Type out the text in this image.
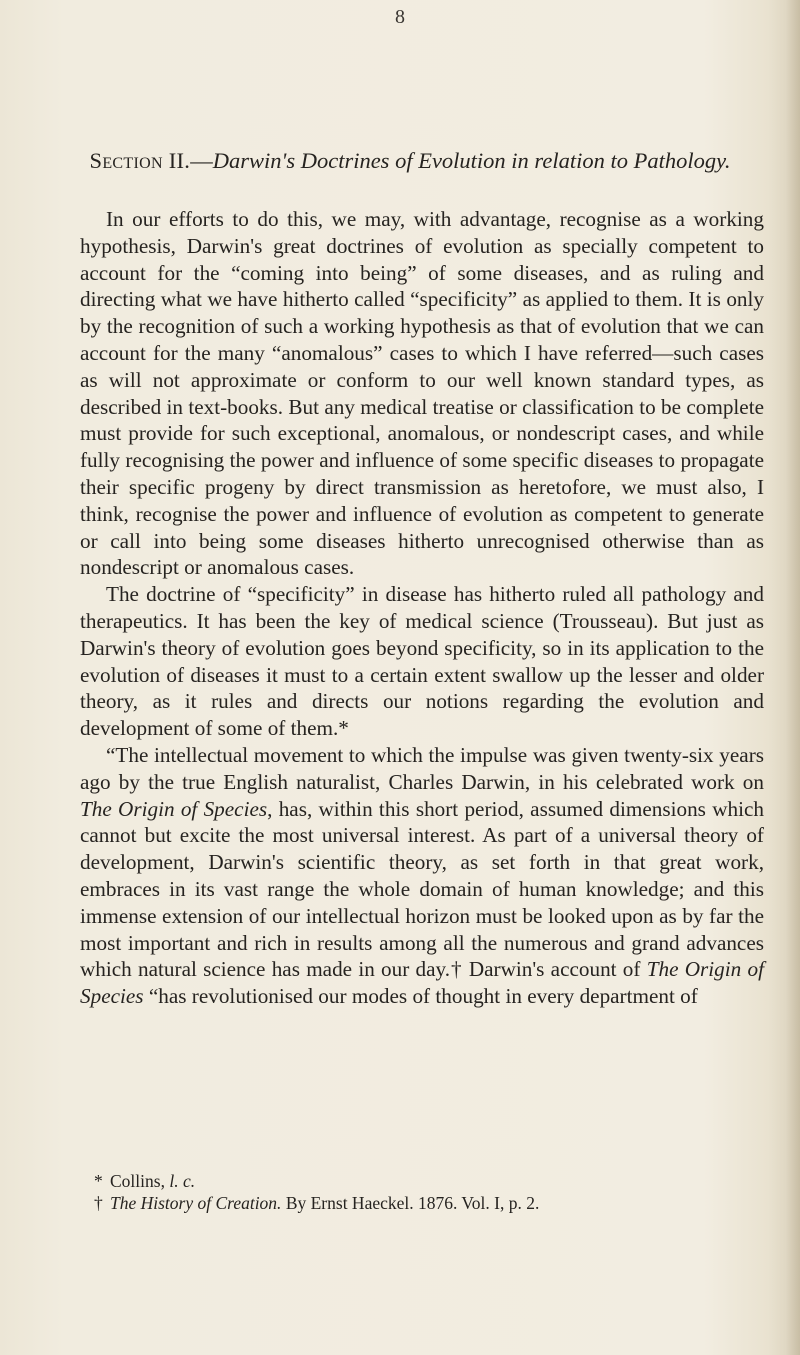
8
Section II.—Darwin's Doctrines of Evolution in relation to Pathology.

In our efforts to do this, we may, with advantage, recognise as a working hypothesis, Darwin's great doctrines of evolution as specially competent to account for the “coming into being” of some diseases, and as ruling and directing what we have hitherto called “specificity” as applied to them. It is only by the recognition of such a working hypothesis as that of evolution that we can account for the many “anomalous” cases to which I have referred—such cases as will not approximate or conform to our well known standard types, as described in text-books. But any medical treatise or classification to be complete must provide for such exceptional, anomalous, or nondescript cases, and while fully recognising the power and influence of some specific diseases to propagate their specific progeny by direct transmission as heretofore, we must also, I think, recognise the power and influence of evolution as competent to generate or call into being some diseases hitherto unrecognised otherwise than as nondescript or anomalous cases.

The doctrine of “specificity” in disease has hitherto ruled all pathology and therapeutics. It has been the key of medical science (Trousseau). But just as Darwin's theory of evolution goes beyond specificity, so in its application to the evolution of diseases it must to a certain extent swallow up the lesser and older theory, as it rules and directs our notions regarding the evolution and development of some of them.*

“The intellectual movement to which the impulse was given twenty-six years ago by the true English naturalist, Charles Darwin, in his celebrated work on The Origin of Species, has, within this short period, assumed dimensions which cannot but excite the most universal interest. As part of a universal theory of development, Darwin's scientific theory, as set forth in that great work, embraces in its vast range the whole domain of human knowledge; and this immense extension of our intellectual horizon must be looked upon as by far the most important and rich in results among all the numerous and grand advances which natural science has made in our day.† Darwin's account of The Origin of Species “has revolutionised our modes of thought in every department of

* Collins, l. c.

† The History of Creation. By Ernst Haeckel. 1876. Vol. I, p. 2.
